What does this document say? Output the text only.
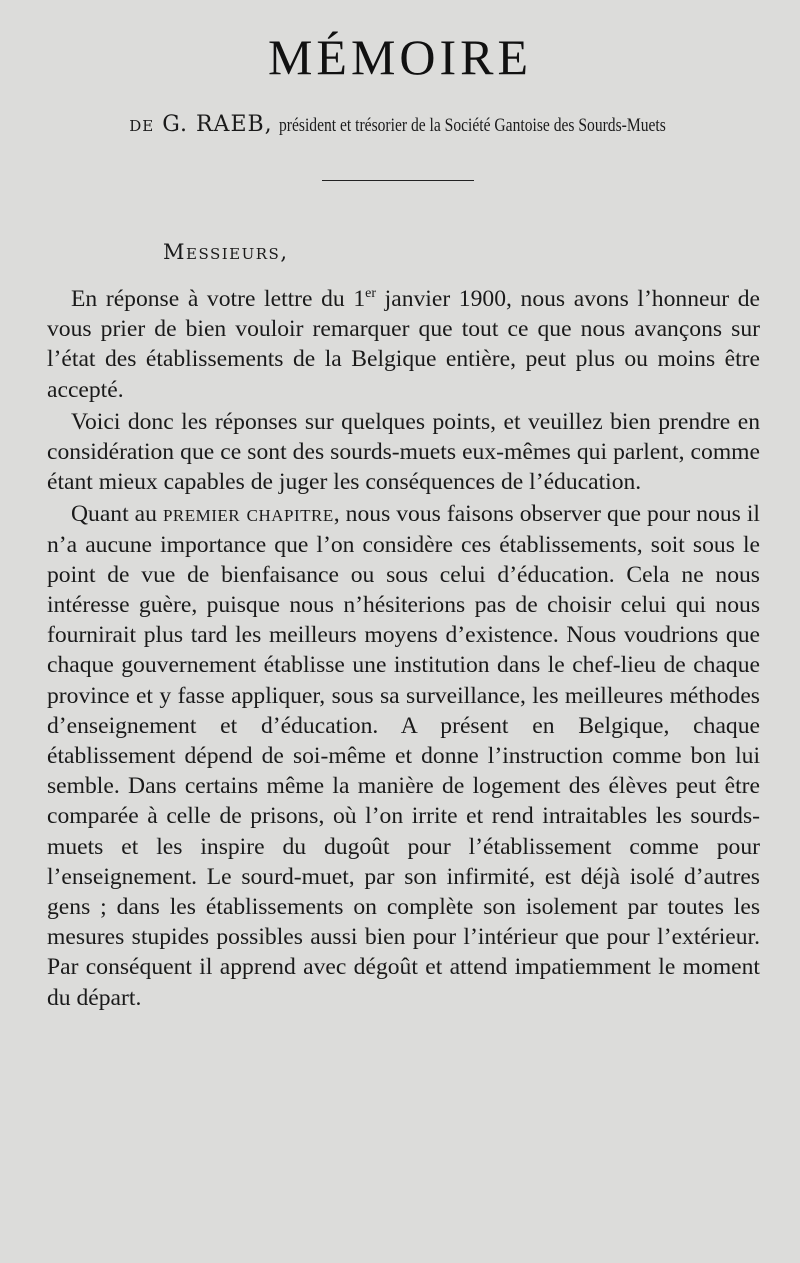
MÉMOIRE
de G. RAEB, président et trésorier de la Société Gantoise des Sourds-Muets
Messieurs,

En réponse à votre lettre du 1er janvier 1900, nous avons l’honneur de vous prier de bien vouloir remarquer que tout ce que nous avançons sur l’état des établissements de la Belgique entière, peut plus ou moins être accepté.

Voici donc les réponses sur quelques points, et veuillez bien prendre en considération que ce sont des sourds-muets eux-mêmes qui parlent, comme étant mieux capables de juger les conséquences de l’éducation.

Quant au premier chapitre, nous vous faisons observer que pour nous il n’a aucune importance que l’on considère ces établissements, soit sous le point de vue de bienfaisance ou sous celui d’éducation. Cela ne nous intéresse guère, puisque nous n’hésiterions pas de choisir celui qui nous fournirait plus tard les meilleurs moyens d’existence. Nous voudrions que chaque gouvernement établisse une institution dans le chef-lieu de chaque province et y fasse appliquer, sous sa surveillance, les meilleures méthodes d’enseignement et d’éducation. A présent en Belgique, chaque établissement dépend de soi-même et donne l’instruction comme bon lui semble. Dans certains même la manière de logement des élèves peut être comparée à celle de prisons, où l’on irrite et rend intraitables les sourds-muets et les inspire du dugoût pour l’établissement comme pour l’enseignement. Le sourd-muet, par son infirmité, est déjà isolé d’autres gens ; dans les établissements on complète son isolement par toutes les mesures stupides possibles aussi bien pour l’intérieur que pour l’extérieur. Par conséquent il apprend avec dégoût et attend impatiemment le moment du départ.
